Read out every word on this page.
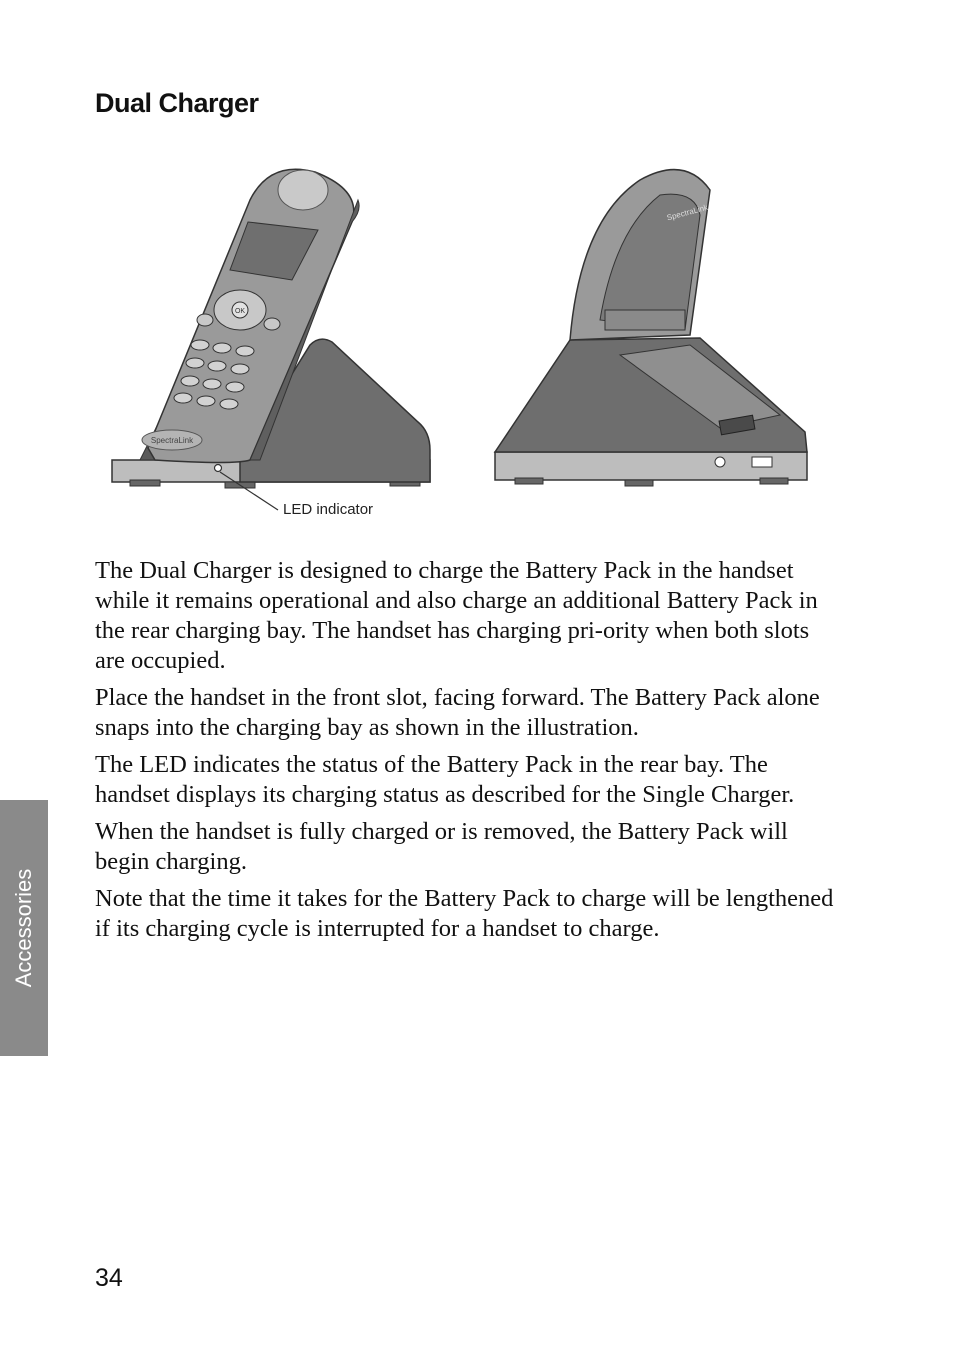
Dual Charger
OK
SpectraLink
LED indicator
SpectraLink

The Dual Charger is designed to charge the Battery Pack in the handset while it remains operational and also charge an additional Battery Pack in the rear charging bay. The handset has charging pri-ority when both slots are occupied.

Place the handset in the front slot, facing forward. The Battery Pack alone snaps into the charging bay as shown in the illustration.

The LED indicates the status of the Battery Pack in the rear bay. The handset displays its charging status as described for the Single Charger.

When the handset is fully charged or is removed, the Battery Pack will begin charging.

Note that the time it takes for the Battery Pack to charge will be lengthened if its charging cycle is interrupted for a handset to charge.

Accessories
34
